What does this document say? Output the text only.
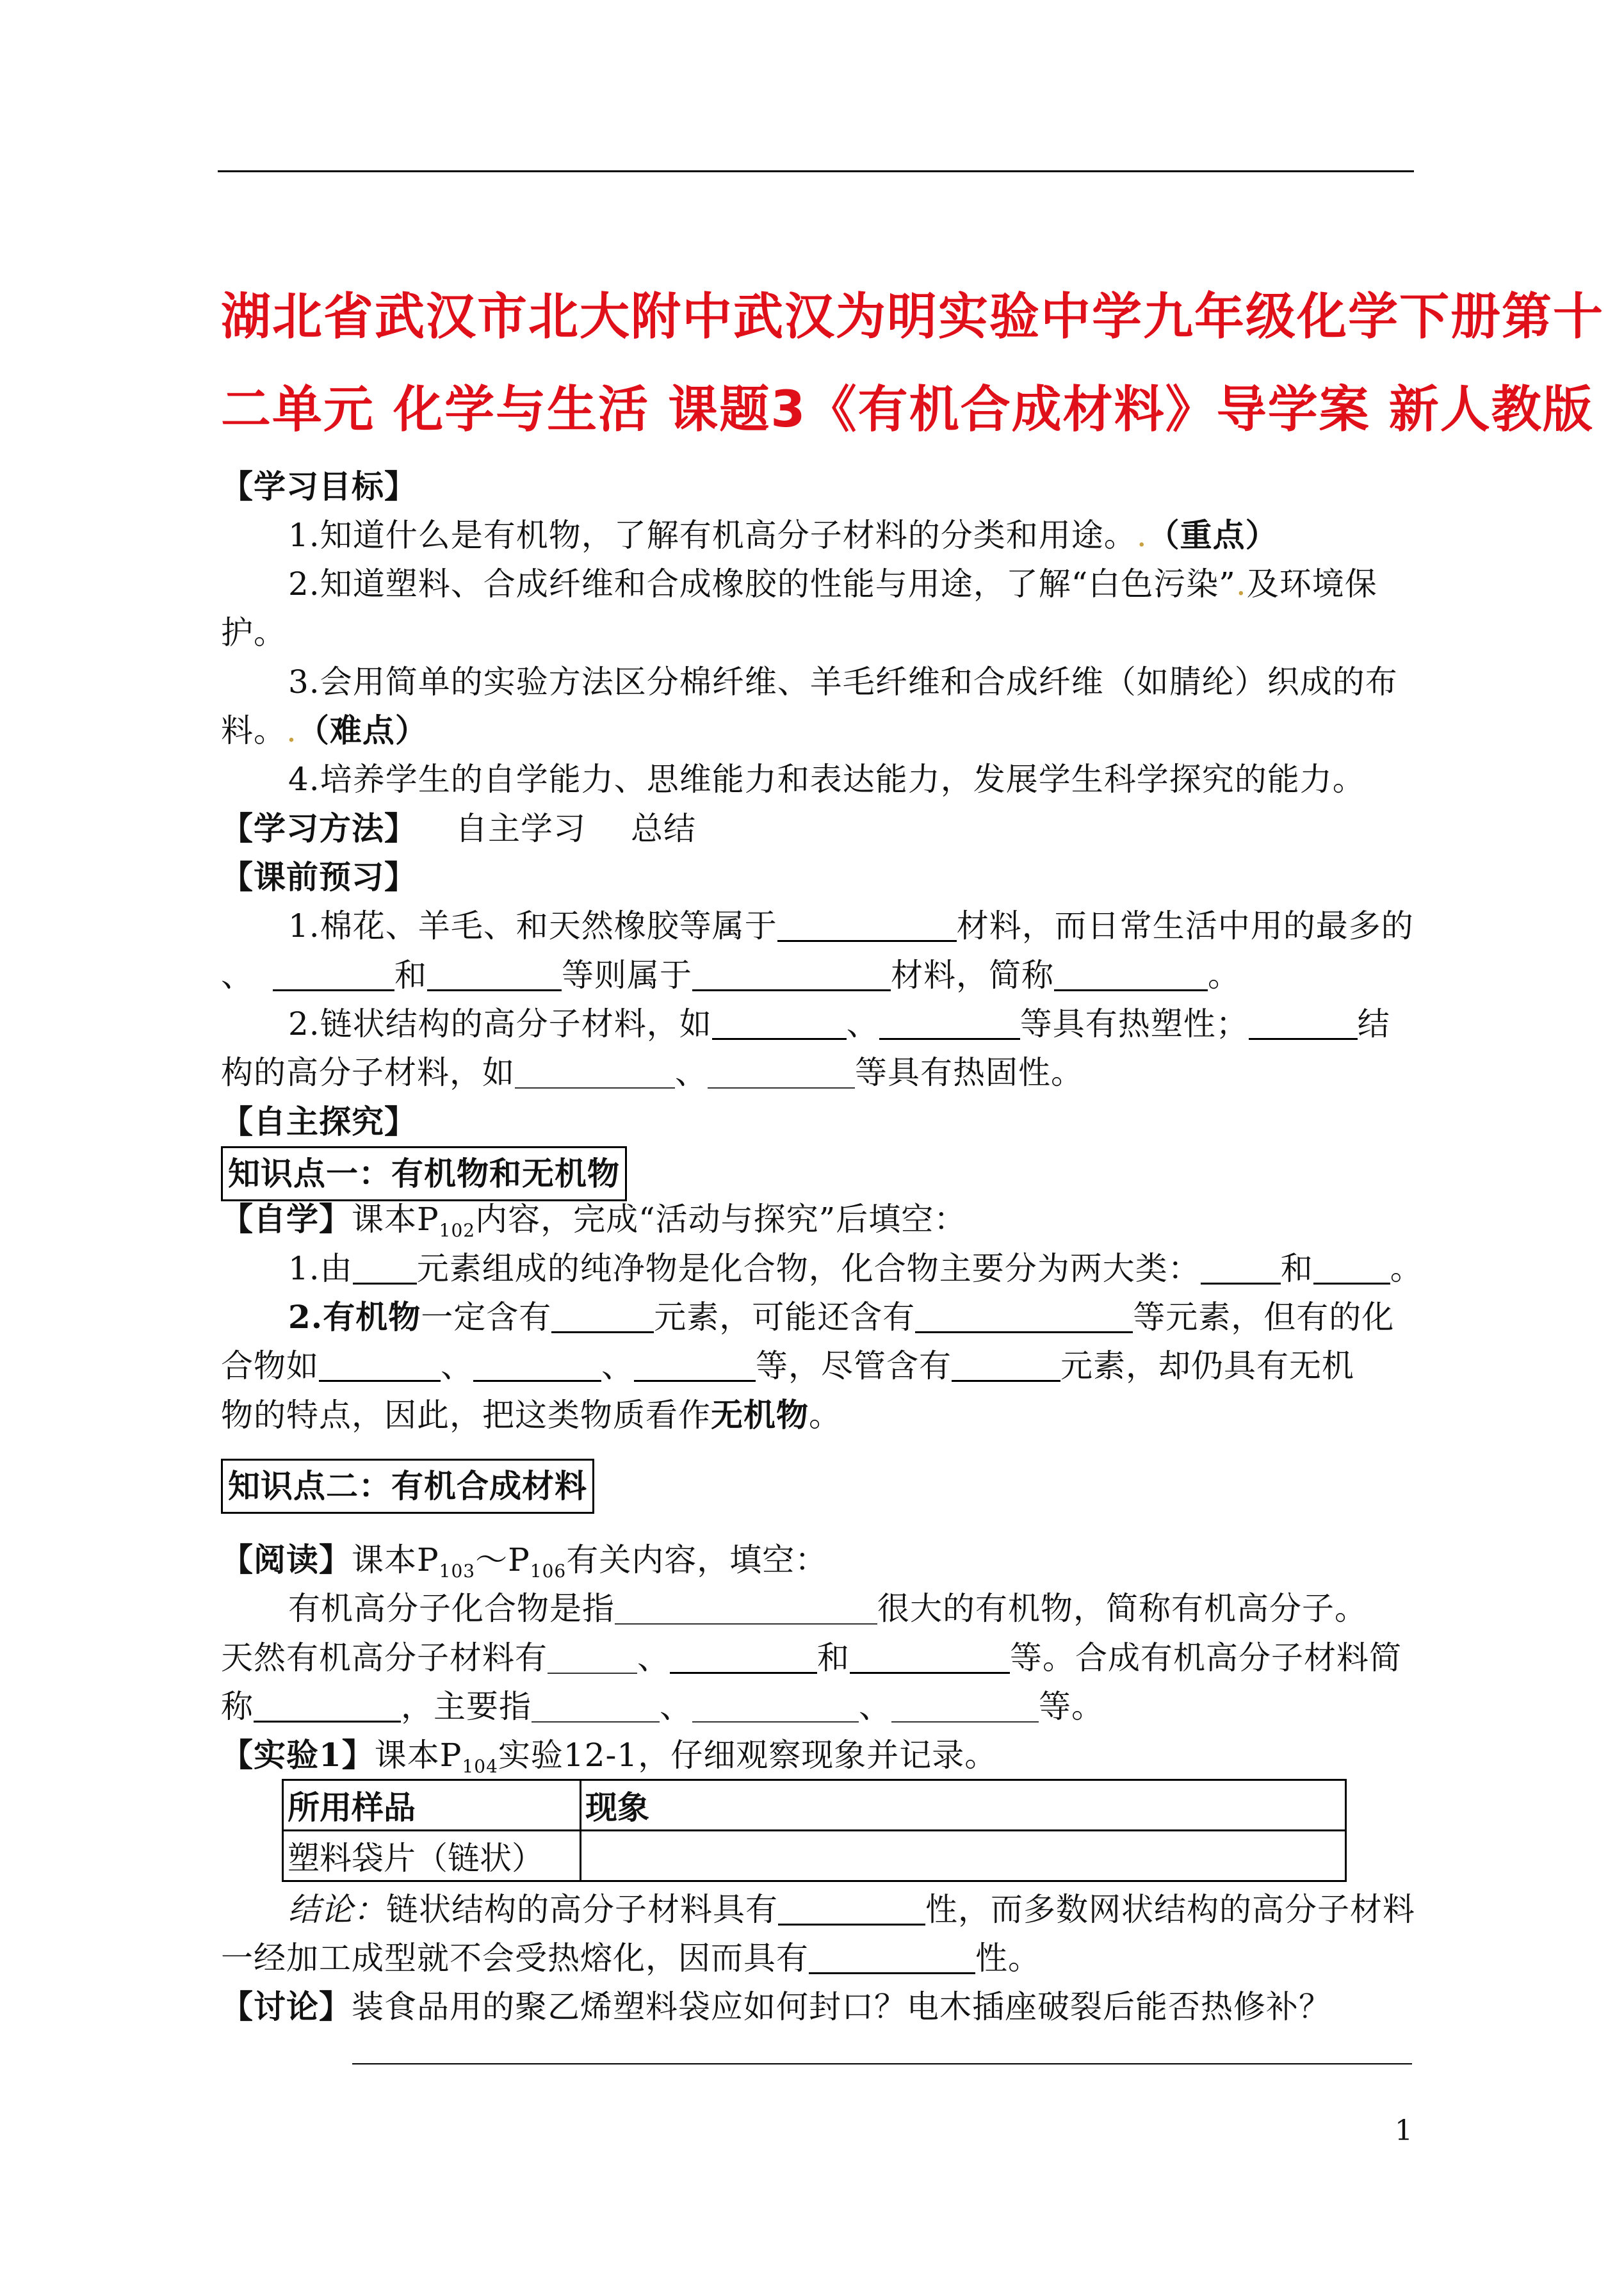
湖北省武汉市北大附中武汉为明实验中学九年级化学下册第十
二单元 化学与生活 课题3《有机合成材料》导学案 新人教版
【学习目标】
1.知道什么是有机物，了解有机高分子材料的分类和用途。.（重点）
2.知道塑料、合成纤维和合成橡胶的性能与用途，了解“白色污染”.及环境保
护。
3.会用简单的实验方法区分棉纤维、羊毛纤维和合成纤维（如腈纶）织成的布
料。.（难点）
4.培养学生的自学能力、思维能力和表达能力，发展学生科学探究的能力。
【学习方法】 自主学习 总结
【课前预习】
1.棉花、羊毛、和天然橡胶等属于	材料，而日常生活中用的最多的
、	和	等则属于	材料，简称	。
2.链状结构的高分子材料，如	、	等具有热塑性；	结
构的高分子材料，如	、	等具有热固性。
【自主探究】
知识点一：有机物和无机物
【自学】课本$P_{102}$内容，完成“活动与探究”后填空：
1.由 元素组成的纯净物是化合物，化合物主要分为两大类：	和 。
2.有机物一定含有	元素，可能还含有	等元素，但有的化
合物如	、	、	等，尽管含有	元素，却仍具有无机
物的特点，因此，把这类物质看作无机物。
知识点二：有机合成材料
【阅读】课本$P_{103}\sim P_{106}$有关内容，填空：
有机高分子化合物是指	很大的有机物，简称有机高分子。
天然有机高分子材料有	、	和	等。合成有机高分子材料简
称	，主要指	、	、	等。
【实验1】课本$P_{104}$实验12-1，仔细观察现象并记录。
所用样品	现象
塑料袋片（链状）	
结论：链状结构的高分子材料具有	性，而多数网状结构的高分子材料
一经加工成型就不会受热熔化，因而具有	性。
【讨论】装食品用的聚乙烯塑料袋应如何封口？电木插座破裂后能否热修补？
1
